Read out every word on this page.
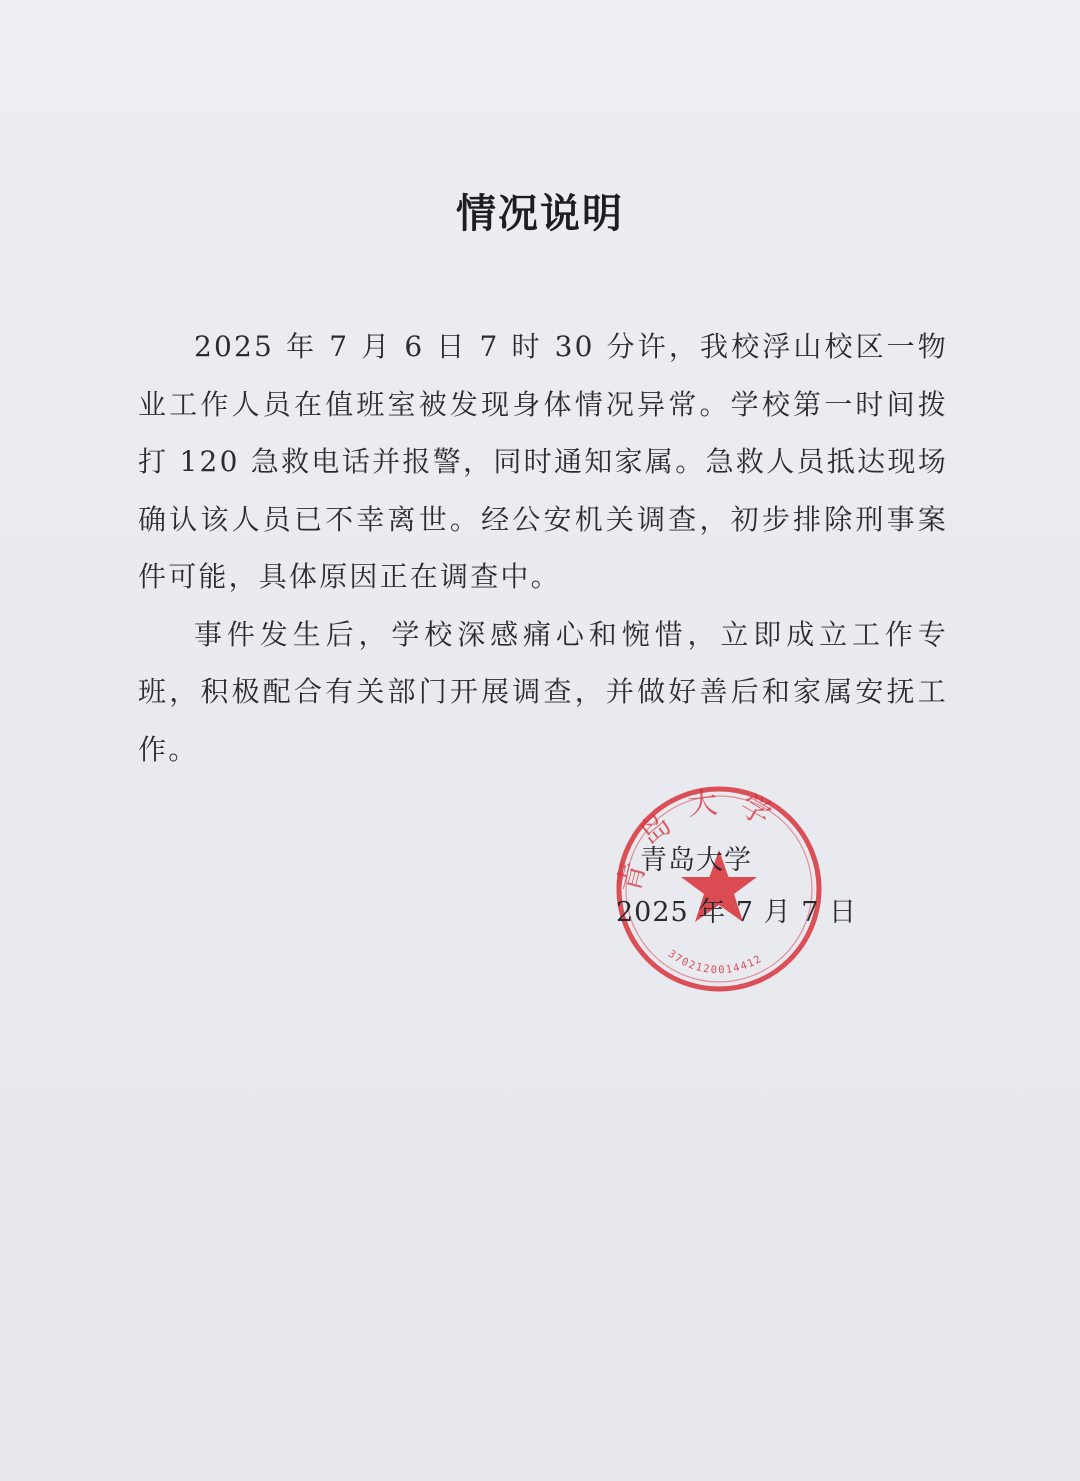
情况说明

2025 年 7 月 6 日 7 时 30 分许，我校浮山校区一物业工作人员在值班室被发现身体情况异常。学校第一时间拨打 120 急救电话并报警，同时通知家属。急救人员抵达现场确认该人员已不幸离世。经公安机关调查，初步排除刑事案件可能，具体原因正在调查中。

事件发生后，学校深感痛心和惋惜，立即成立工作专班，积极配合有关部门开展调查，并做好善后和家属安抚工作。

青岛大学
3702120014412
青岛大学
2025 年 7 月 7 日
